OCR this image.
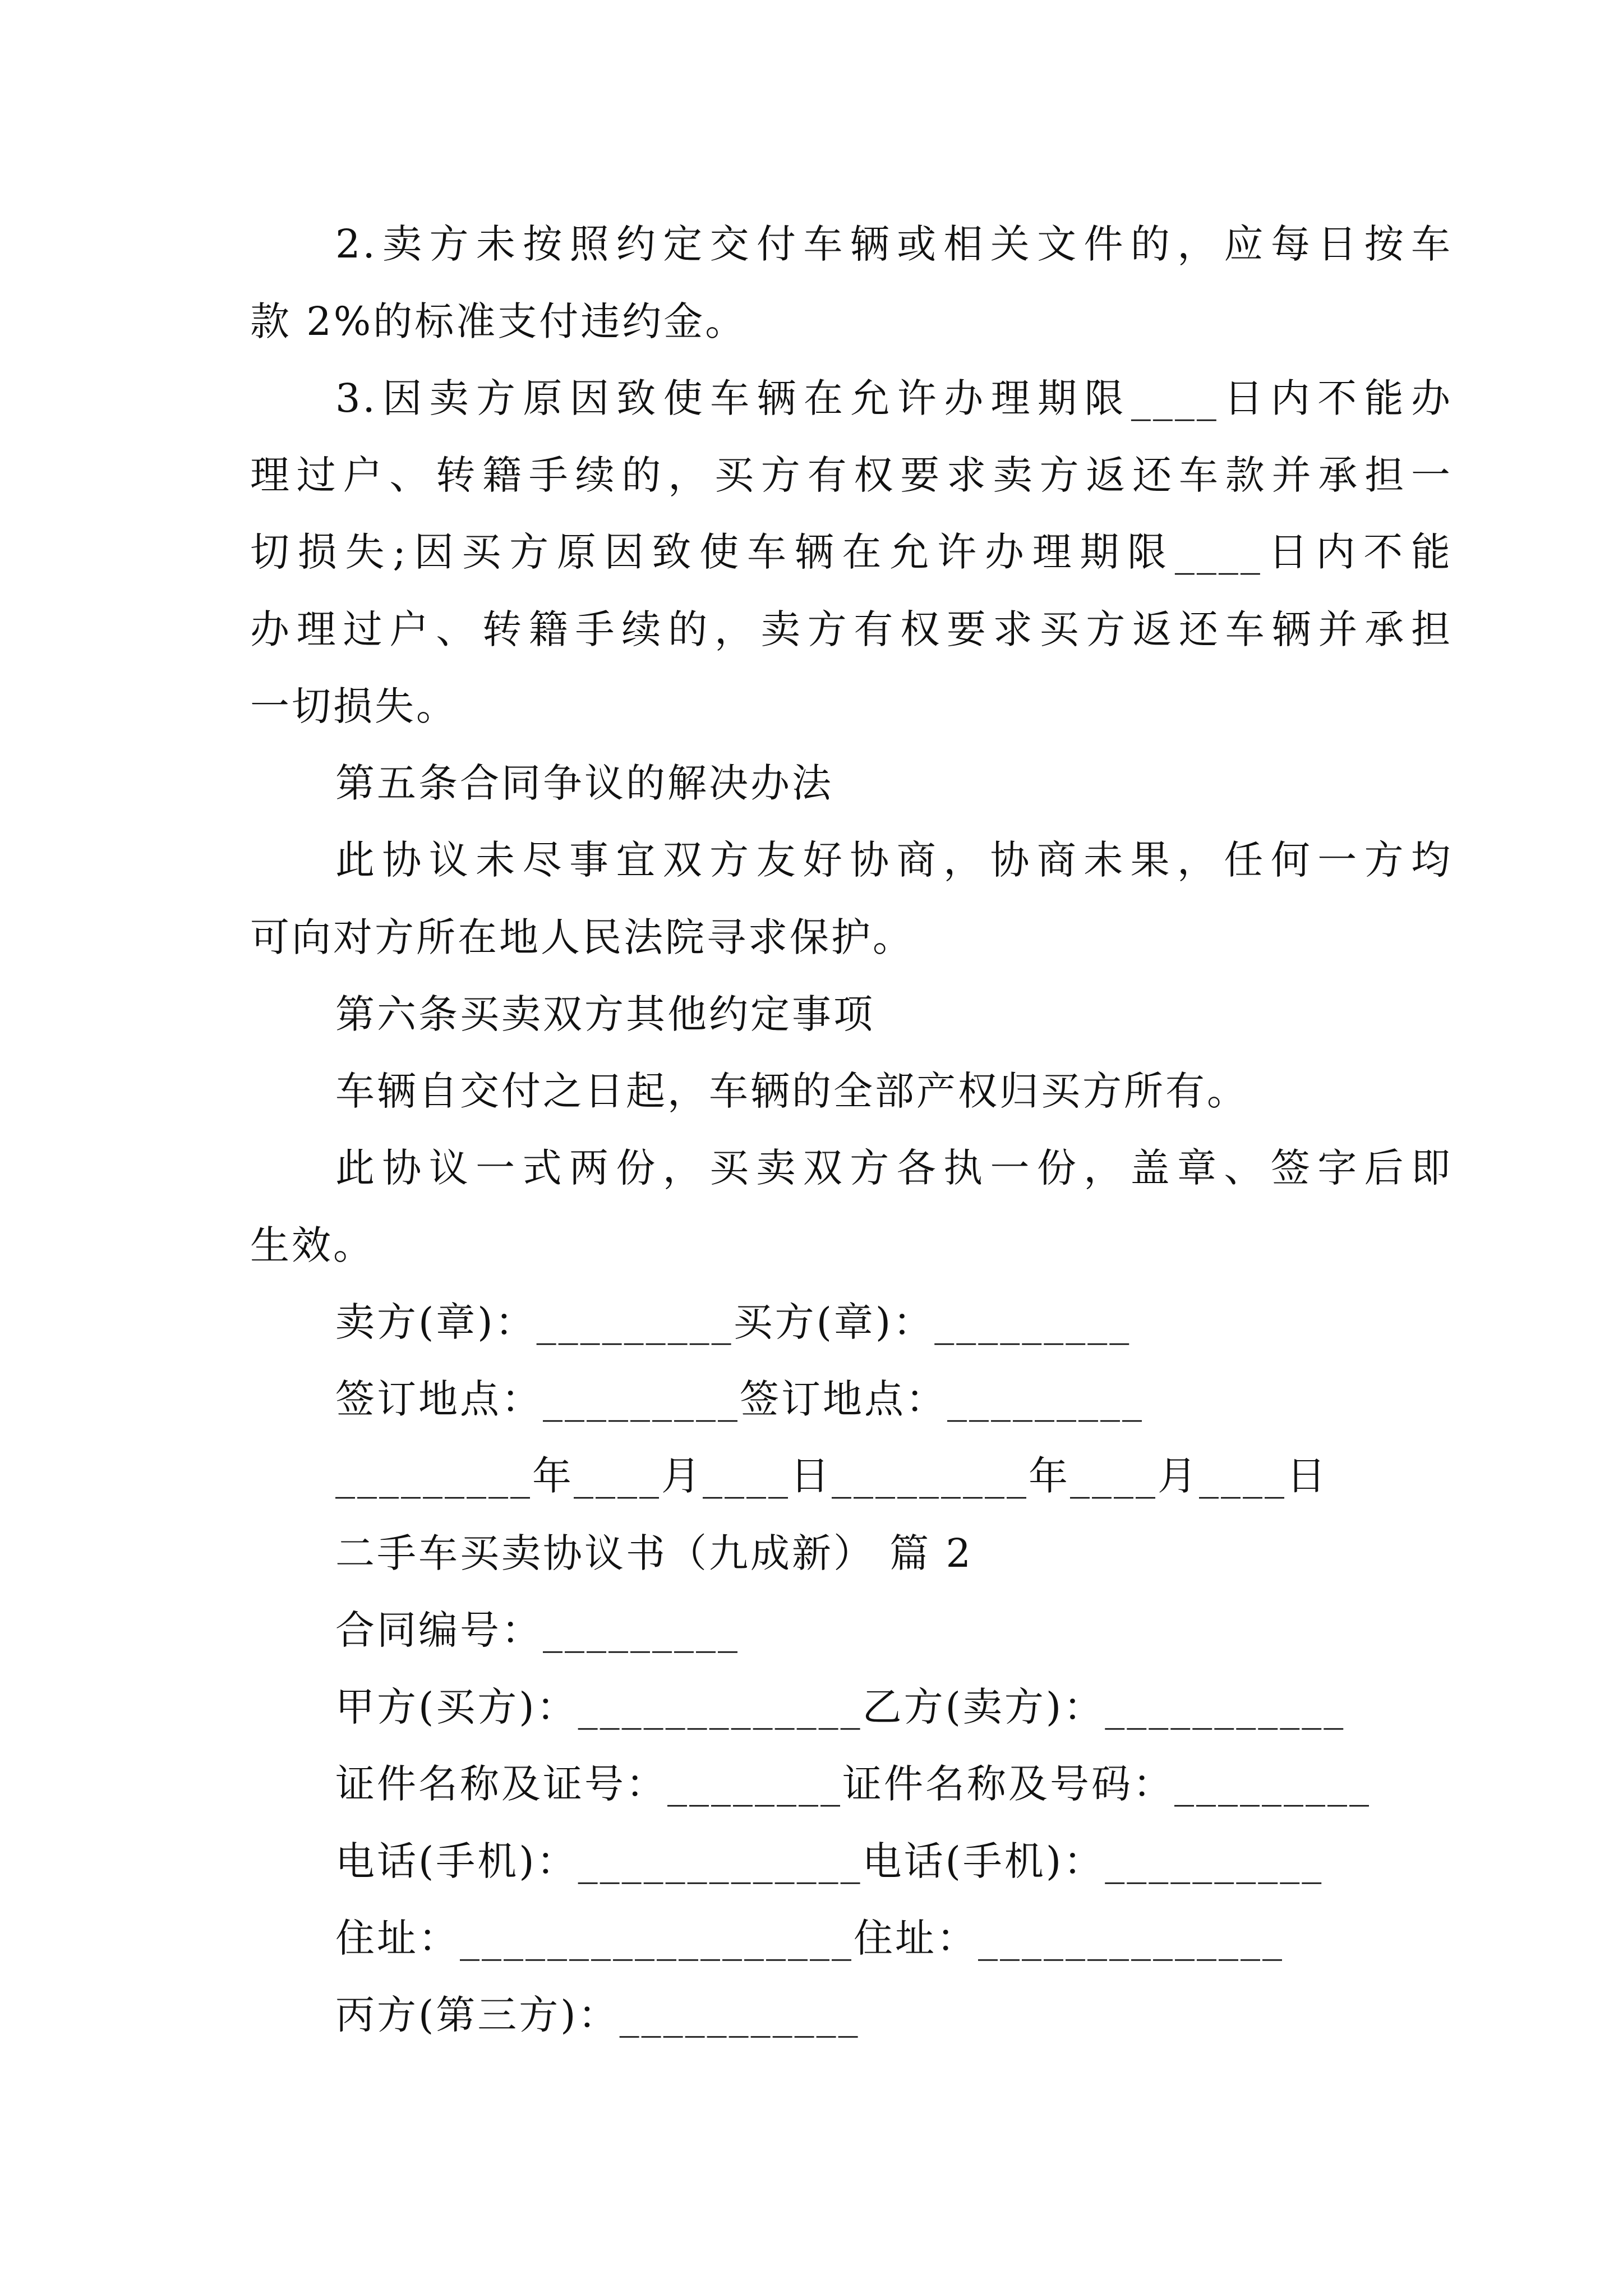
2.卖方未按照约定交付车辆或相关文件的，应每日按车
款 2%的标准支付违约金。
3.因卖方原因致使车辆在允许办理期限____日内不能办
理过户、转籍手续的，买方有权要求卖方返还车款并承担一
切损失;因买方原因致使车辆在允许办理期限____日内不能
办理过户、转籍手续的，卖方有权要求买方返还车辆并承担
一切损失。
第五条合同争议的解决办法
此协议未尽事宜双方友好协商，协商未果，任何一方均
可向对方所在地人民法院寻求保护。
第六条买卖双方其他约定事项
车辆自交付之日起，车辆的全部产权归买方所有。
此协议一式两份，买卖双方各执一份，盖章、签字后即
生效。
卖方(章)：_________买方(章)：_________
签订地点：_________签订地点：_________
_________年____月____日_________年____月____日
二手车买卖协议书（九成新） 篇 2
合同编号：_________
甲方(买方)：_____________乙方(卖方)：___________
证件名称及证号：________证件名称及号码：_________
电话(手机)：_____________电话(手机)：__________
住址：__________________住址：______________
丙方(第三方)：___________
